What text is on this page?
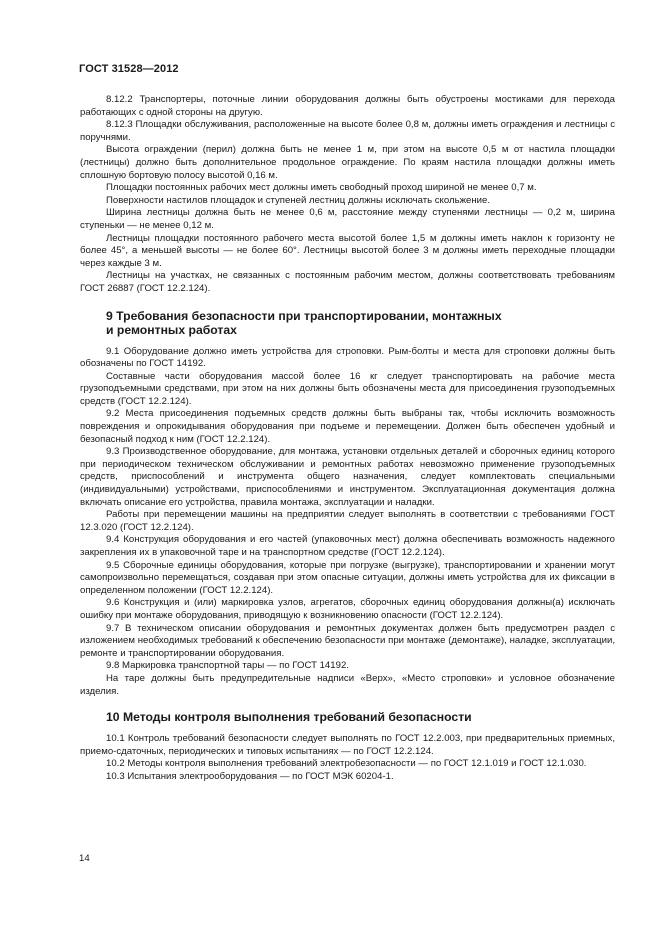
ГОСТ 31528—2012

8.12.2 Транспортеры, поточные линии оборудования должны быть обустроены мостиками для перехода работающих с одной стороны на другую.

8.12.3 Площадки обслуживания, расположенные на высоте более 0,8 м, должны иметь ограждения и лестницы с поручнями.

Высота ограждении (перил) должна быть не менее 1 м, при этом на высоте 0,5 м от настила площадки (лестницы) должно быть дополнительное продольное ограждение. По краям настила площадки должны иметь сплошную бортовую полосу высотой 0,16 м.

Площадки постоянных рабочих мест должны иметь свободный проход шириной не менее 0,7 м.

Поверхности настилов площадок и ступеней лестниц должны исключать скольжение.

Ширина лестницы должна быть не менее 0,6 м, расстояние между ступенями лестницы — 0,2 м, ширина ступеньки — не менее 0,12 м.

Лестницы площадки постоянного рабочего места высотой более 1,5 м должны иметь наклон к горизонту не более 45°, а меньшей высоты — не более 60°. Лестницы высотой более 3 м должны иметь переходные площадки через каждые 3 м.

Лестницы на участках, не связанных с постоянным рабочим местом, должны соответствовать требованиям ГОСТ 26887 (ГОСТ 12.2.124).

9 Требования безопасности при транспортировании, монтажных
и ремонтных работах

9.1 Оборудование должно иметь устройства для строповки. Рым-болты и места для строповки должны быть обозначены по ГОСТ 14192.

Составные части оборудования массой более 16 кг следует транспортировать на рабочие места грузоподъемными средствами, при этом на них должны быть обозначены места для присоединения грузоподъемных средств (ГОСТ 12.2.124).

9.2 Места присоединения подъемных средств должны быть выбраны так, чтобы исключить возможность повреждения и опрокидывания оборудования при подъеме и перемещении. Должен быть обеспечен удобный и безопасный подход к ним (ГОСТ 12.2.124).

9.3 Производственное оборудование, для монтажа, установки отдельных деталей и сборочных единиц которого при периодическом техническом обслуживании и ремонтных работах невозможно применение грузоподъемных средств, приспособлений и инструмента общего назначения, следует комплектовать специальными (индивидуальными) устройствами, приспособлениями и инструментом. Эксплуатационная документация должна включать описание его устройства, правила монтажа, эксплуатации и наладки.

Работы при перемещении машины на предприятии следует выполнять в соответствии с требованиями ГОСТ 12.3.020 (ГОСТ 12.2.124).

9.4 Конструкция оборудования и его частей (упаковочных мест) должна обеспечивать возможность надежного закрепления их в упаковочной таре и на транспортном средстве (ГОСТ 12.2.124).

9.5 Сборочные единицы оборудования, которые при погрузке (выгрузке), транспортировании и хранении могут самопроизвольно перемещаться, создавая при этом опасные ситуации, должны иметь устройства для их фиксации в определенном положении (ГОСТ 12.2.124).

9.6 Конструкция и (или) маркировка узлов, агрегатов, сборочных единиц оборудования должны(а) исключать ошибку при монтаже оборудования, приводящую к возникновению опасности (ГОСТ 12.2.124).

9.7 В техническом описании оборудования и ремонтных документах должен быть предусмотрен раздел с изложением необходимых требований к обеспечению безопасности при монтаже (демонтаже), наладке, эксплуатации, ремонте и транспортировании оборудования.

9.8 Маркировка транспортной тары — по ГОСТ 14192.

На таре должны быть предупредительные надписи «Верх», «Место строповки» и условное обозначение изделия.

10 Методы контроля выполнения требований безопасности

10.1 Контроль требований безопасности следует выполнять по ГОСТ 12.2.003, при предварительных приемных, приемо-сдаточных, периодических и типовых испытаниях — по ГОСТ 12.2.124.

10.2 Методы контроля выполнения требований электробезопасности — по ГОСТ 12.1.019 и ГОСТ 12.1.030.

10.3 Испытания электрооборудования — по ГОСТ МЭК 60204-1.

14
